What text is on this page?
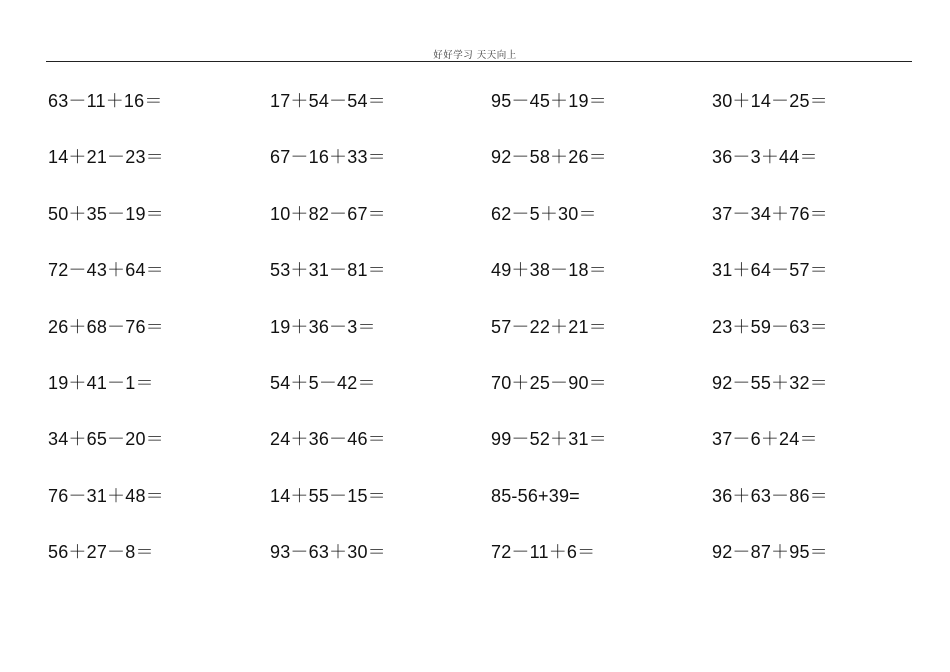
好好学习 天天向上
63－11＋16＝	17＋54－54＝	95－45＋19＝	30＋14－25＝
14＋21－23＝	67－16＋33＝	92－58＋26＝	36－3＋44＝
50＋35－19＝	10＋82－67＝	62－5＋30＝	37－34＋76＝
72－43＋64＝	53＋31－81＝	49＋38－18＝	31＋64－57＝
26＋68－76＝	19＋36－3＝	57－22＋21＝	23＋59－63＝
19＋41－1＝	54＋5－42＝	70＋25－90＝	92－55＋32＝
34＋65－20＝	24＋36－46＝	99－52＋31＝	37－6＋24＝
76－31＋48＝	14＋55－15＝	85-56+39=	36＋63－86＝
56＋27－8＝	93－63＋30＝	72－11＋6＝	92－87＋95＝
